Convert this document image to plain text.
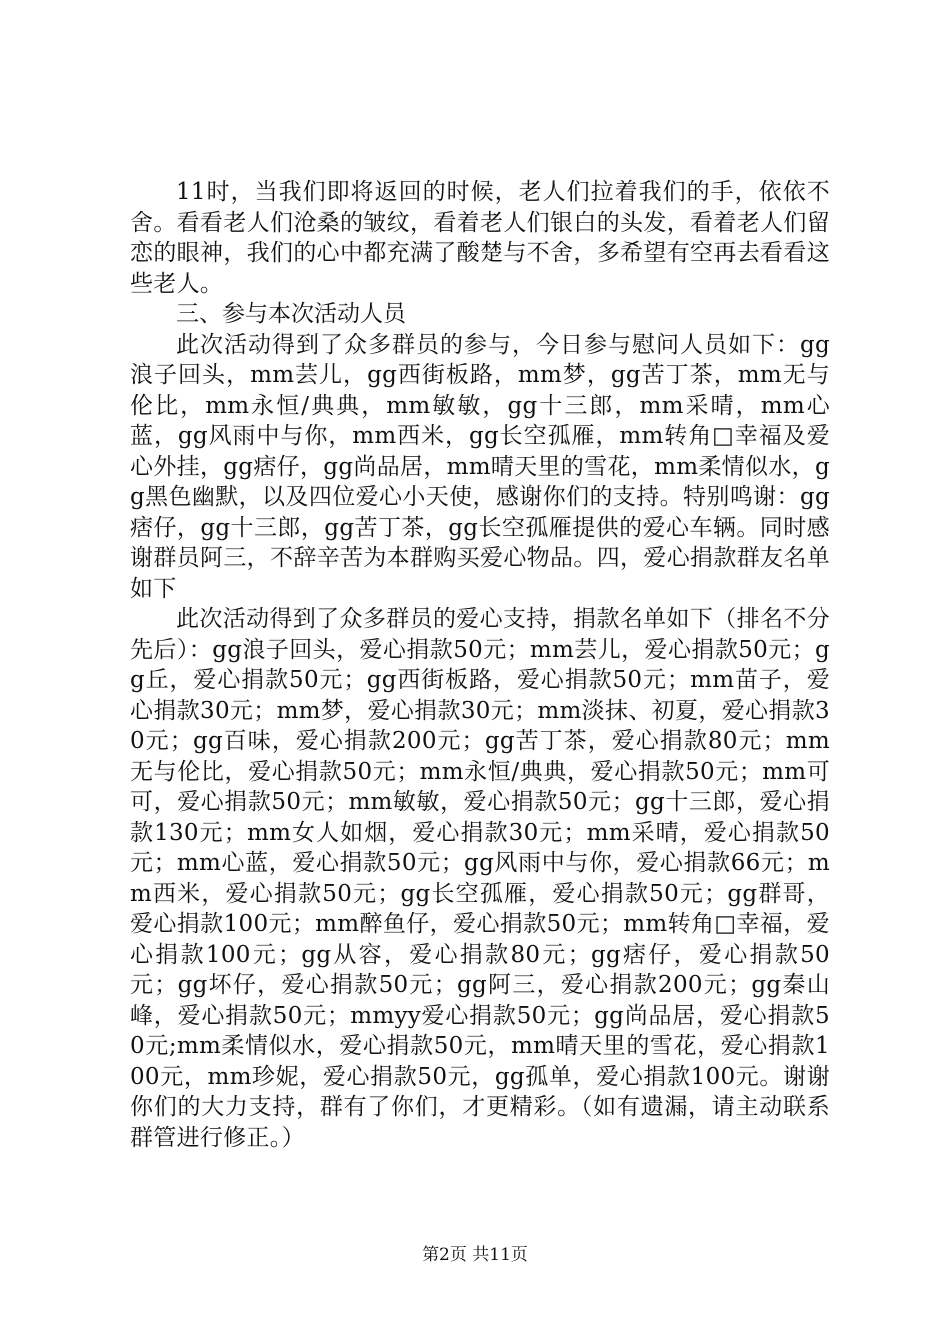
11时，当我们即将返回的时候，老人们拉着我们的手，依依不舍。看看老人们沧桑的皱纹，看着老人们银白的头发，看着老人们留恋的眼神，我们的心中都充满了酸楚与不舍，多希望有空再去看看这些老人。

三、参与本次活动人员

此次活动得到了众多群员的参与，今日参与慰问人员如下：gg浪子回头，mm芸儿，gg西街板路，mm梦，gg苦丁茶，mm无与伦比，mm永恒/典典，mm敏敏，gg十三郎，mm采晴，mm心蓝，gg风雨中与你，mm西米，gg长空孤雁，mm转角□幸福及爱心外挂，gg痞仔，gg尚品居，mm晴天里的雪花，mm柔情似水，gg黑色幽默，以及四位爱心小天使，感谢你们的支持。特别鸣谢：gg痞仔，gg十三郎，gg苦丁茶，gg长空孤雁提供的爱心车辆。同时感谢群员阿三，不辞辛苦为本群购买爱心物品。四，爱心捐款群友名单如下

此次活动得到了众多群员的爱心支持，捐款名单如下（排名不分先后）：gg浪子回头，爱心捐款50元；mm芸儿，爱心捐款50元；gg丘，爱心捐款50元；gg西街板路，爱心捐款50元；mm苗子，爱心捐款30元；mm梦，爱心捐款30元；mm淡抹、初夏，爱心捐款30元；gg百味，爱心捐款200元；gg苦丁茶，爱心捐款80元；mm无与伦比，爱心捐款50元；mm永恒/典典，爱心捐款50元；mm可可，爱心捐款50元；mm敏敏，爱心捐款50元；gg十三郎，爱心捐款130元；mm女人如烟，爱心捐款30元；mm采晴，爱心捐款50元；mm心蓝，爱心捐款50元；gg风雨中与你，爱心捐款66元；mm西米，爱心捐款50元；gg长空孤雁，爱心捐款50元；gg群哥，爱心捐款100元；mm醉鱼仔，爱心捐款50元；mm转角□幸福，爱心捐款100元；gg从容，爱心捐款80元；gg痞仔，爱心捐款50元；gg坏仔，爱心捐款50元；gg阿三，爱心捐款200元；gg秦山峰，爱心捐款50元；mmyy爱心捐款50元；gg尚品居，爱心捐款50元;mm柔情似水，爱心捐款50元，mm晴天里的雪花，爱心捐款100元，mm珍妮，爱心捐款50元，gg孤单，爱心捐款100元。谢谢你们的大力支持，群有了你们，才更精彩。（如有遗漏，请主动联系群管进行修正。）

第2页 共11页
